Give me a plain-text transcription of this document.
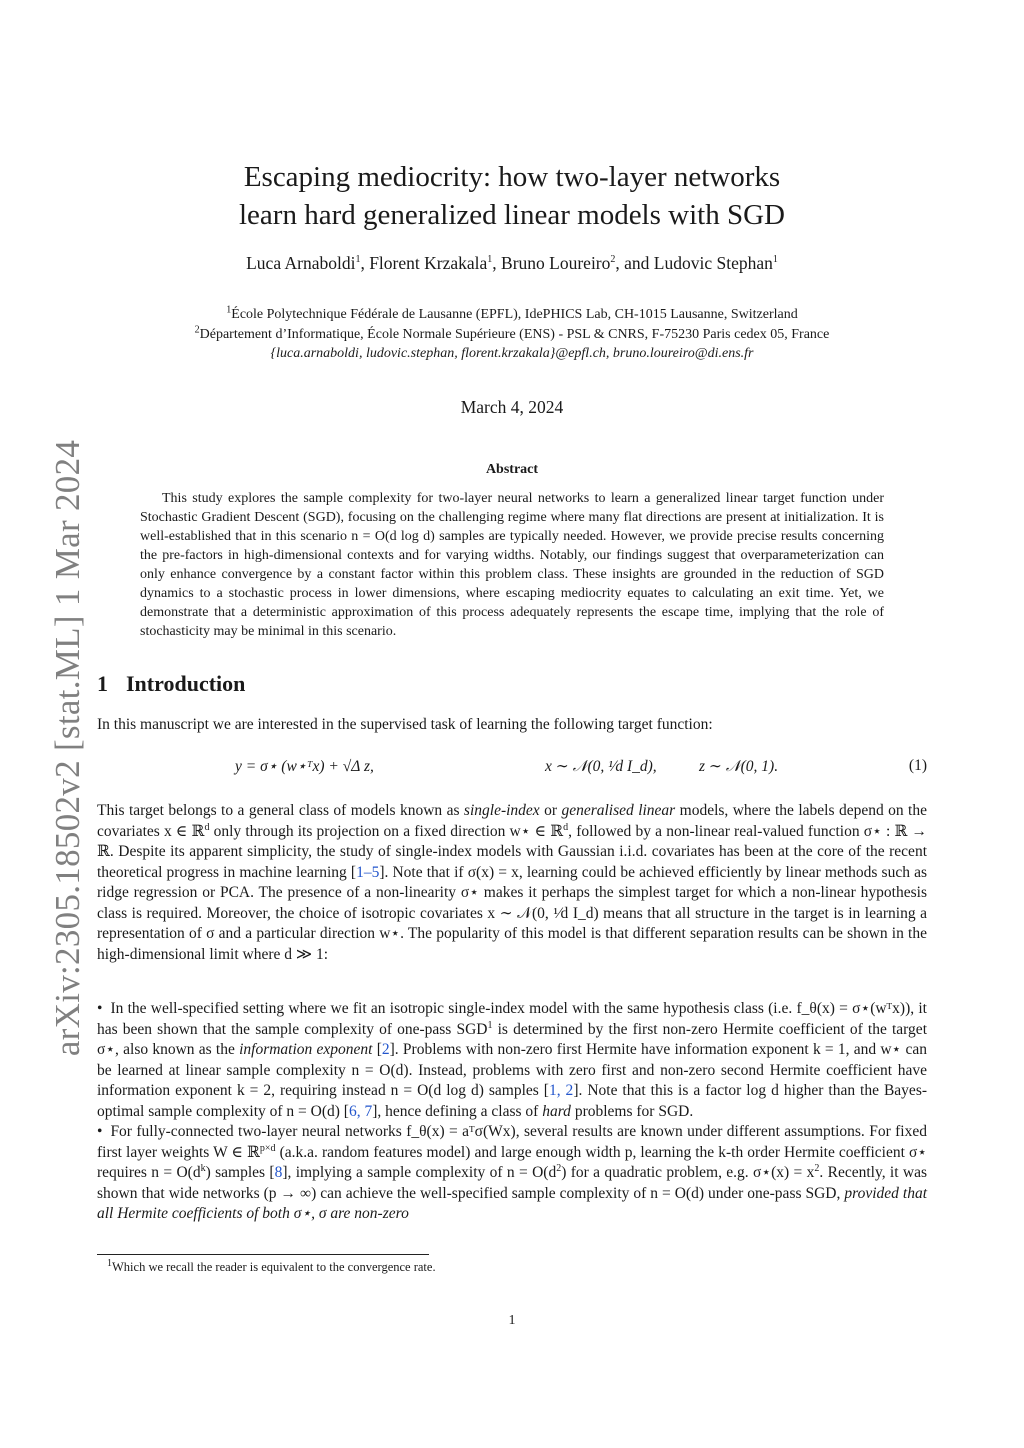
arXiv:2305.18502v2 [stat.ML] 1 Mar 2024
Escaping mediocrity: how two-layer networks
learn hard generalized linear models with SGD
Luca Arnaboldi$^1$, Florent Krzakala$^1$, Bruno Loureiro$^2$, and Ludovic Stephan$^1$
$^1$École Polytechnique Fédérale de Lausanne (EPFL), IdePHICS Lab, CH-1015 Lausanne, Switzerland
$^2$Département d’Informatique, École Normale Supérieure (ENS) - PSL & CNRS, F-75230 Paris cedex 05, France
{luca.arnaboldi, ludovic.stephan, florent.krzakala}@epfl.ch, bruno.loureiro@di.ens.fr
March 4, 2024
Abstract
This study explores the sample complexity for two-layer neural networks to learn a generalized linear target function under Stochastic Gradient Descent (SGD), focusing on the challenging regime where many flat directions are present at initialization. It is well-established that in this scenario n = O(d log d) samples are typically needed. However, we provide precise results concerning the pre-factors in high-dimensional contexts and for varying widths. Notably, our findings suggest that overparameterization can only enhance convergence by a constant factor within this problem class. These insights are grounded in the reduction of SGD dynamics to a stochastic process in lower dimensions, where escaping mediocrity equates to calculating an exit time. Yet, we demonstrate that a deterministic approximation of this process adequately represents the escape time, implying that the role of stochasticity may be minimal in this scenario.
1 Introduction
In this manuscript we are interested in the supervised task of learning the following target function:
y = σ⋆ (w⋆ᵀx) + √Δ z,	x ∼ 𝒩(0, ¹⁄d I_d),	z ∼ 𝒩(0, 1).	(1)
This target belongs to a general class of models known as single-index or generalised linear models, where the labels depend on the covariates x ∈ ℝ$^d$ only through its projection on a fixed direction w⋆ ∈ ℝ$^d$, followed by a non-linear real-valued function σ⋆ : ℝ → ℝ. Despite its apparent simplicity, the study of single-index models with Gaussian i.i.d. covariates has been at the core of the recent theoretical progress in machine learning [1–5]. Note that if σ(x) = x, learning could be achieved efficiently by linear methods such as ridge regression or PCA. The presence of a non-linearity σ⋆ makes it perhaps the simplest target for which a non-linear hypothesis class is required. Moreover, the choice of isotropic covariates x ∼ 𝒩(0, ¹⁄d I_d) means that all structure in the target is in learning a representation of σ and a particular direction w⋆. The popularity of this model is that different separation results can be shown in the high-dimensional limit where d ≫ 1:
• In the well-specified setting where we fit an isotropic single-index model with the same hypothesis class (i.e. f_θ(x) = σ⋆(wᵀx)), it has been shown that the sample complexity of one-pass SGD$^1$ is determined by the first non-zero Hermite coefficient of the target σ⋆, also known as the information exponent [2]. Problems with non-zero first Hermite have information exponent k = 1, and w⋆ can be learned at linear sample complexity n = O(d). Instead, problems with zero first and non-zero second Hermite coefficient have information exponent k = 2, requiring instead n = O(d log d) samples [1, 2]. Note that this is a factor log d higher than the Bayes-optimal sample complexity of n = O(d) [6, 7], hence defining a class of hard problems for SGD.
• For fully-connected two-layer neural networks f_θ(x) = aᵀσ(Wx), several results are known under different assumptions. For fixed first layer weights W ∈ ℝ$^{p\times d}$ (a.k.a. random features model) and large enough width p, learning the k-th order Hermite coefficient σ⋆ requires $n = O(d^k)$ samples [8], implying a sample complexity of $n = O(d^2)$ for a quadratic problem, e.g. σ⋆(x) = $x^2$. Recently, it was shown that wide networks (p → ∞) can achieve the well-specified sample complexity of n = O(d) under one-pass SGD, provided that all Hermite coefficients of both σ⋆, σ are non-zero
$^1$Which we recall the reader is equivalent to the convergence rate.
1
